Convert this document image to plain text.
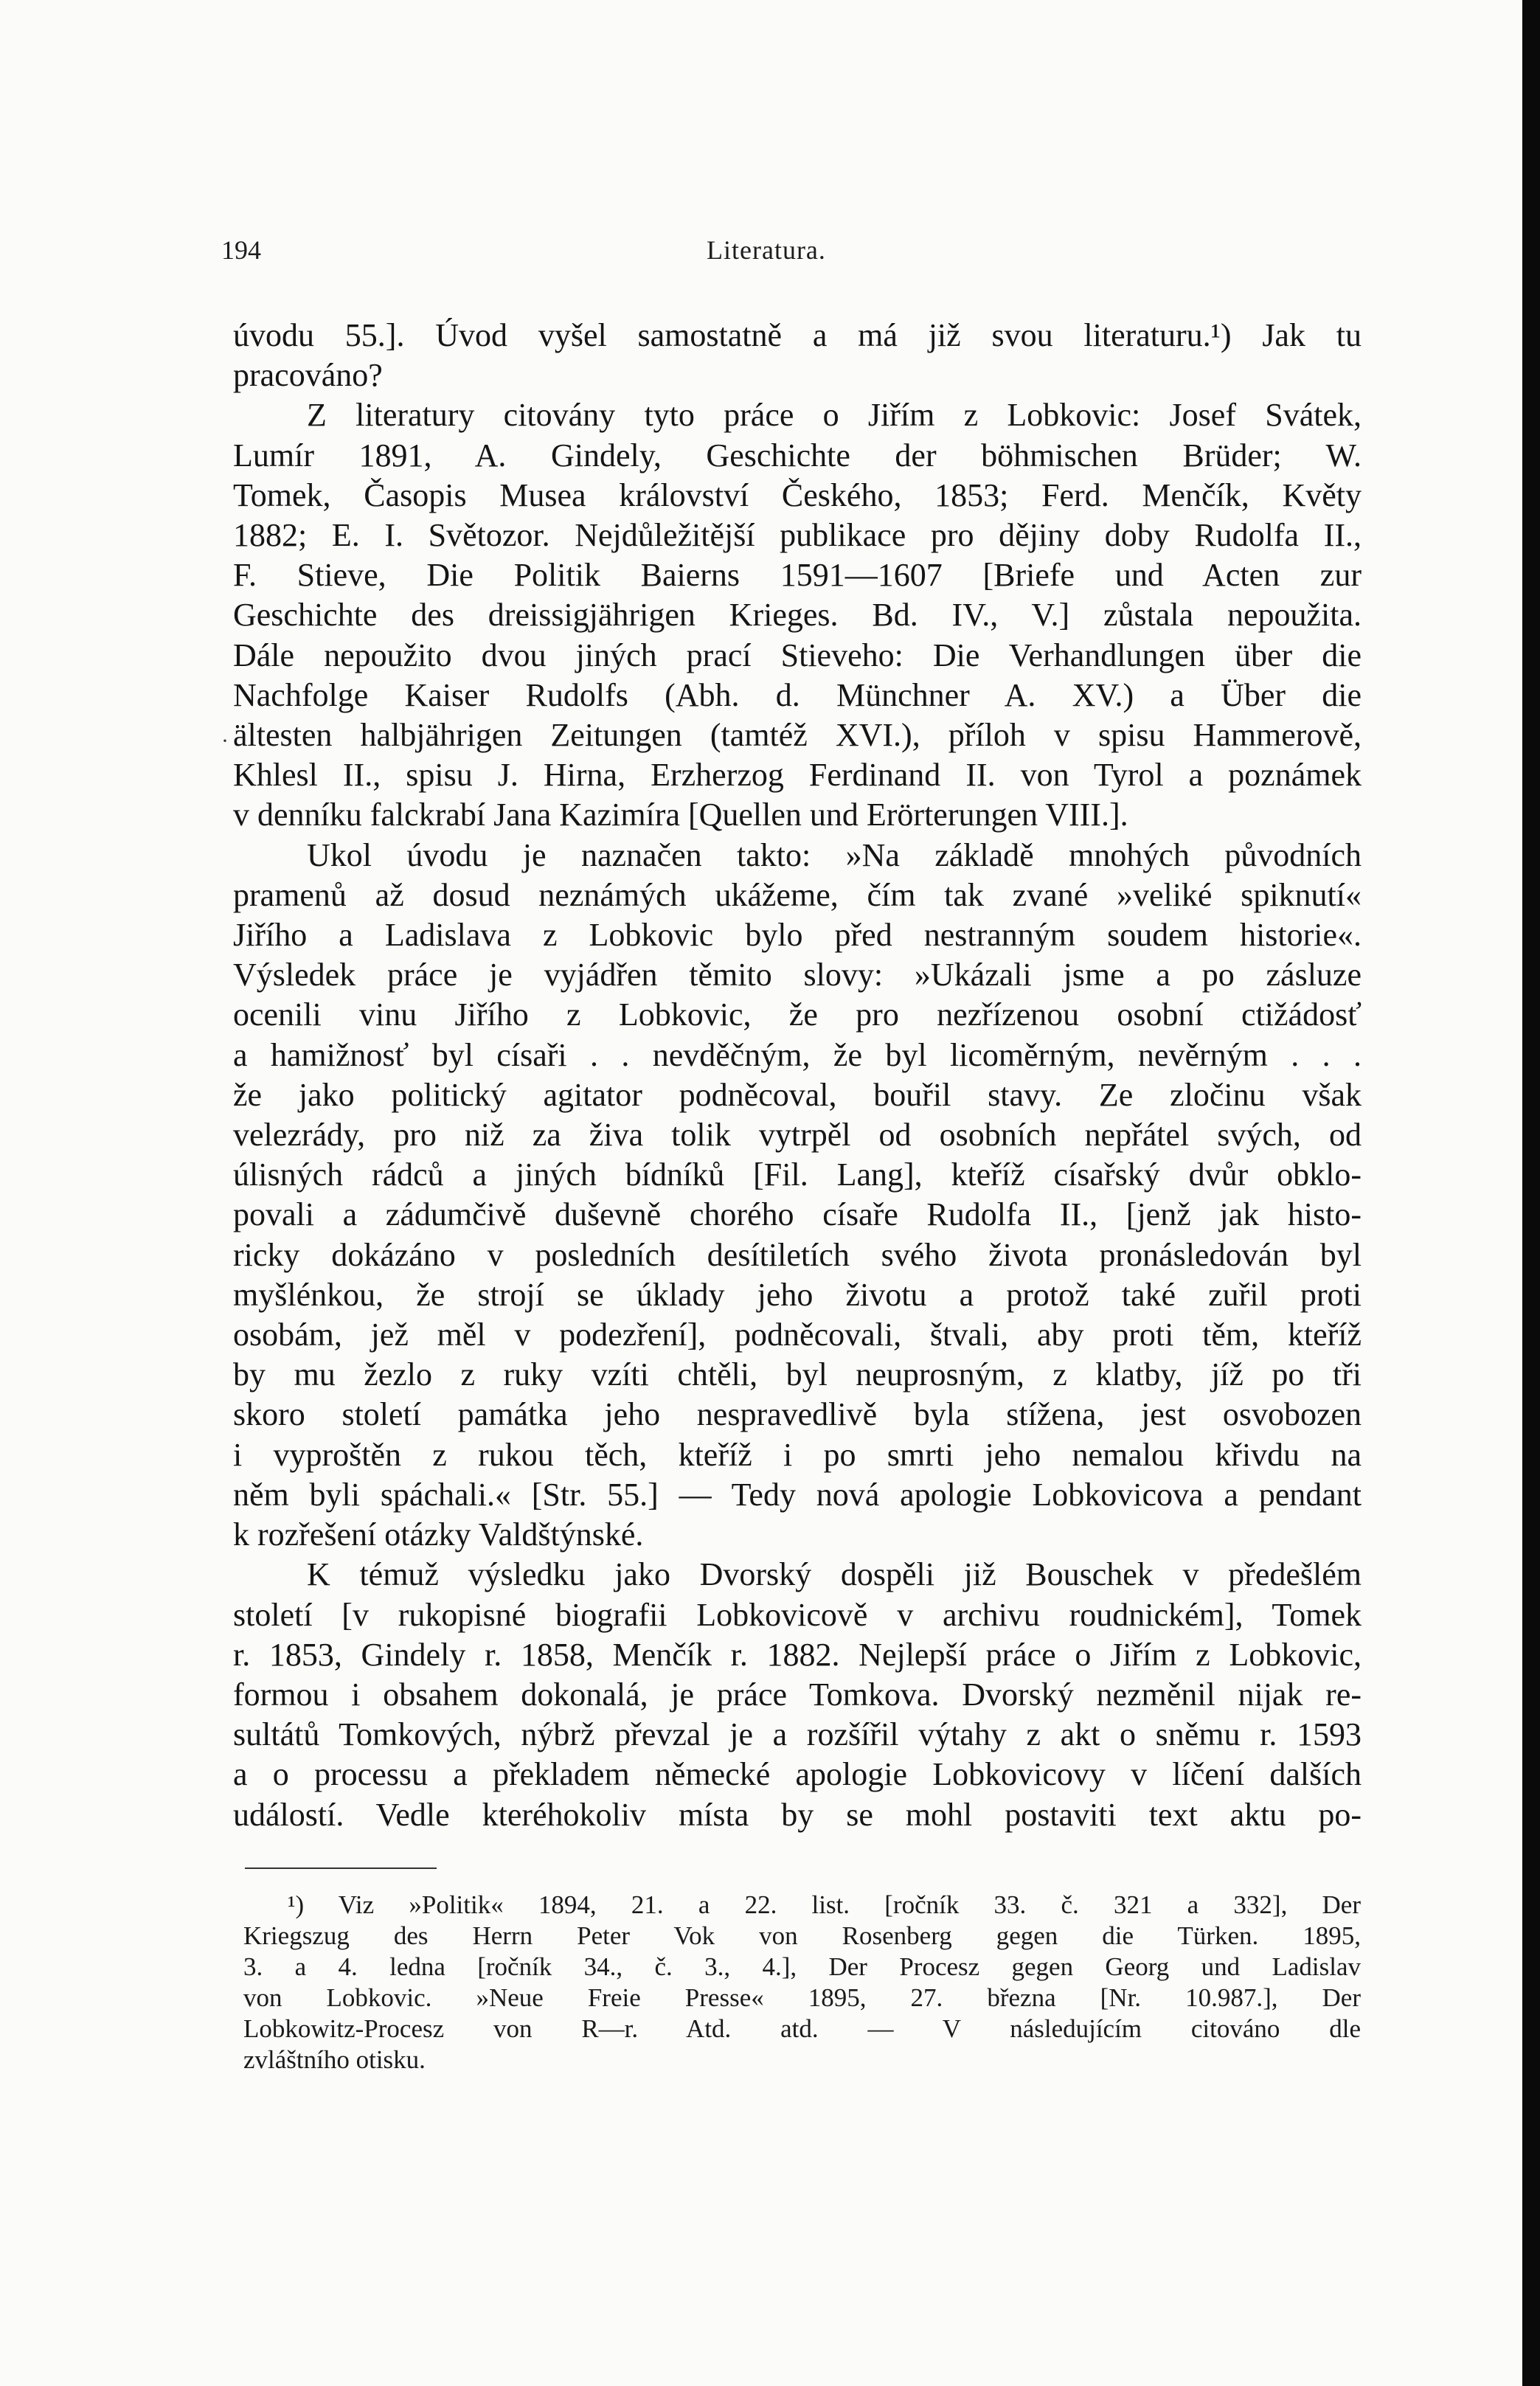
194	Literatura.
·

úvodu 55.]. Úvod vyšel samostatně a má již svou literaturu.¹) Jak tu
pracováno?

Z literatury citovány tyto práce o Jiřím z Lobkovic: Josef Svátek,
Lumír 1891, A. Gindely, Geschichte der böhmischen Brüder; W.
Tomek, Časopis Musea království Českého, 1853; Ferd. Menčík, Květy
1882; E. I. Světozor. Nejdůležitější publikace pro dějiny doby Rudolfa II.,
F. Stieve, Die Politik Baierns 1591—1607 [Briefe und Acten zur
Geschichte des dreissigjährigen Krieges. Bd. IV., V.] zůstala nepoužita.
Dále nepoužito dvou jiných prací Stieveho: Die Verhandlungen über die
Nachfolge Kaiser Rudolfs (Abh. d. Münchner A. XV.) a Über die
ältesten halbjährigen Zeitungen (tamtéž XVI.), příloh v spisu Hammerově,
Khlesl II., spisu J. Hirna, Erzherzog Ferdinand II. von Tyrol a poznámek
v denníku falckrabí Jana Kazimíra [Quellen und Erörterungen VIII.].

Ukol úvodu je naznačen takto: »Na základě mnohých původních
pramenů až dosud neznámých ukážeme, čím tak zvané »veliké spiknutí«
Jiřího a Ladislava z Lobkovic bylo před nestranným soudem historie«.
Výsledek práce je vyjádřen těmito slovy: »Ukázali jsme a po zásluze
ocenili vinu Jiřího z Lobkovic, že pro nezřízenou osobní ctižádosť
a hamižnosť byl císaři . . nevděčným, že byl licoměrným, nevěrným . . .
že jako politický agitator podněcoval, bouřil stavy. Ze zločinu však
velezrády, pro niž za živa tolik vytrpěl od osobních nepřátel svých, od
úlisných rádců a jiných bídníků [Fil. Lang], kteříž císařský dvůr obklo-
povali a zádumčivě duševně chorého císaře Rudolfa II., [jenž jak histo-
ricky dokázáno v posledních desítiletích svého života pronásledován byl
myšlénkou, že strojí se úklady jeho životu a protož také zuřil proti
osobám, jež měl v podezření], podněcovali, štvali, aby proti těm, kteříž
by mu žezlo z ruky vzíti chtěli, byl neuprosným, z klatby, jíž po tři
skoro století památka jeho nespravedlivě byla stížena, jest osvobozen
i vyproštěn z rukou těch, kteříž i po smrti jeho nemalou křivdu na
něm byli spáchali.« [Str. 55.] — Tedy nová apologie Lobkovicova a pendant
k rozřešení otázky Valdštýnské.

K témuž výsledku jako Dvorský dospěli již Bouschek v předešlém
století [v rukopisné biografii Lobkovicově v archivu roudnickém], Tomek
r. 1853, Gindely r. 1858, Menčík r. 1882. Nejlepší práce o Jiřím z Lobkovic,
formou i obsahem dokonalá, je práce Tomkova. Dvorský nezměnil nijak re-
sultátů Tomkových, nýbrž převzal je a rozšířil výtahy z akt o sněmu r. 1593
a o processu a překladem německé apologie Lobkovicovy v líčení dalších
událostí. Vedle kteréhokoliv místa by se mohl postaviti text aktu po-

¹) Viz »Politik« 1894, 21. a 22. list. [ročník 33. č. 321 a 332], Der
Kriegszug des Herrn Peter Vok von Rosenberg gegen die Türken. 1895,
3. a 4. ledna [ročník 34., č. 3., 4.], Der Procesz gegen Georg und Ladislav
von Lobkovic. »Neue Freie Presse« 1895, 27. března [Nr. 10.987.], Der
Lobkowitz-Procesz von R—r. Atd. atd. — V následujícím citováno dle
zvláštního otisku.
